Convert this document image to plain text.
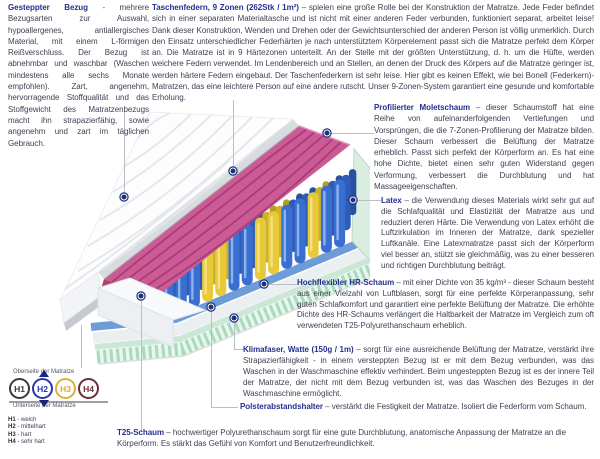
Gesteppter Bezug - mehrere Bezugsarten zur Auswahl, hypoallergenes, antiallergisches Material, mit einem L-förmigen Reißverschluss. Der Bezug ist abnehmbar und waschbar (Waschen mindestens alle sechs Monate empfohlen). Zart, angenehm, hervorragende Stoffqualität und das Stoffgewicht des Matratzenbezugs macht ihn strapazierfähig, sowie angenehm und zart im täglichen Gebrauch.

Taschenfedern, 9 Zonen (262Stk / 1m²) – spielen eine große Rolle bei der Konstruktion der Matratze. Jede Feder befindet sich in einer separaten Materialtasche und ist nicht mit einer anderen Feder verbunden, funktioniert separat, arbeitet leise! Dank dieser Konstruktion, Wenden und Drehen oder der Gewichtsunterschied der anderen Person ist völlig unmerklich. Durch den Einsatz unterschiedlicher Federhärten je nach unterstütztem Körperelement passt sich die Matratze perfekt dem Körper an. Die Matratze ist in 9 Härtezonen unterteilt. An der Stelle mit der größten Unterstützung, d. h. um die Hüfte, werden weichere Federn verwendet. Im Lendenbereich und an Stellen, an denen der Druck des Körpers auf die Matratze geringer ist, werden härtere Federn eingebaut. Der Taschenfederkern ist sehr leise. Hier gibt es keinen Effekt, wie bei Bonell (Federkern)- Matratzen, das eine leichtere Person auf eine andere rutscht. Unser 9-Zonen-System garantiert eine gesunde und komfortable Erholung.

Profilierter Moletschaum – dieser Schaumstoff hat eine Reihe von aufeinanderfolgenden Vertiefungen und Vorsprüngen, die die 7-Zonen-Profilierung der Matratze bilden. Dieser Schaum verbessert die Belüftung der Matratze erheblich. Passt sich perfekt der Körperform an. Es hat eine hohe Dichte, bietet einen sehr guten Widerstand gegen Verformung, verbessert die Durchblutung und hat Massageeigenschaften.

Latex – die Verwendung dieses Materials wirkt sehr gut auf die Schlafqualität und Elastizität der Matratze aus und reduziert deren Härte. Die Verwendung von Latex erhöht die Luftzirkulation im Inneren der Matratze, dank spezieller Luftkanäle. Eine Latexmatratze passt sich der Körperform viel besser an, stützt sie gleichmäßig, was zu einer besseren und richtigen Durchblutung beiträgt.

Hochflexibler HR-Schaum – mit einer Dichte von 35 kg/m³ - dieser Schaum besteht aus einer Vielzahl von Luftblasen, sorgt für eine perfekte Körperanpassung, sehr guten Schlafkomfort und garantiert eine perfekte Belüftung der Matratze. Die erhöhte Dichte des HR-Schaums verlängert die Haltbarkeit der Matratze im Vergleich zum oft verwendeten T25-Polyurethanschaum erheblich.

Klimafaser, Watte (150g / 1m) – sorgt für eine ausreichende Belüftung der Matratze, verstärkt ihre Strapazierfähigkeit - in einem versteppten Bezug ist er mit dem Bezug verbunden, was das Waschen in der Waschmaschine effektiv verhindert. Beim ungesteppten Bezug ist es der innere Teil der Matratze, der nicht mit dem Bezug verbunden ist, was das Waschen des Bezuges in der Waschmaschine ermöglicht.

Polsterabstandshalter – verstärkt die Festigkeit der Matratze. Isoliert die Federform vom Schaum.

T25-Schaum – hochwertiger Polyurethanschaum sorgt für eine gute Durchblutung, anatomische Anpassung der Matratze an die Körperform. Es stärkt das Gefühl von Komfort und Benutzerfreundlichkeit.

Oberseite der Matratze
H1	H2	H3	H4
Unterseite der Matratze
H1 - weich
H2 - mittelhart
H3 - hart
H4 - sehr hart
